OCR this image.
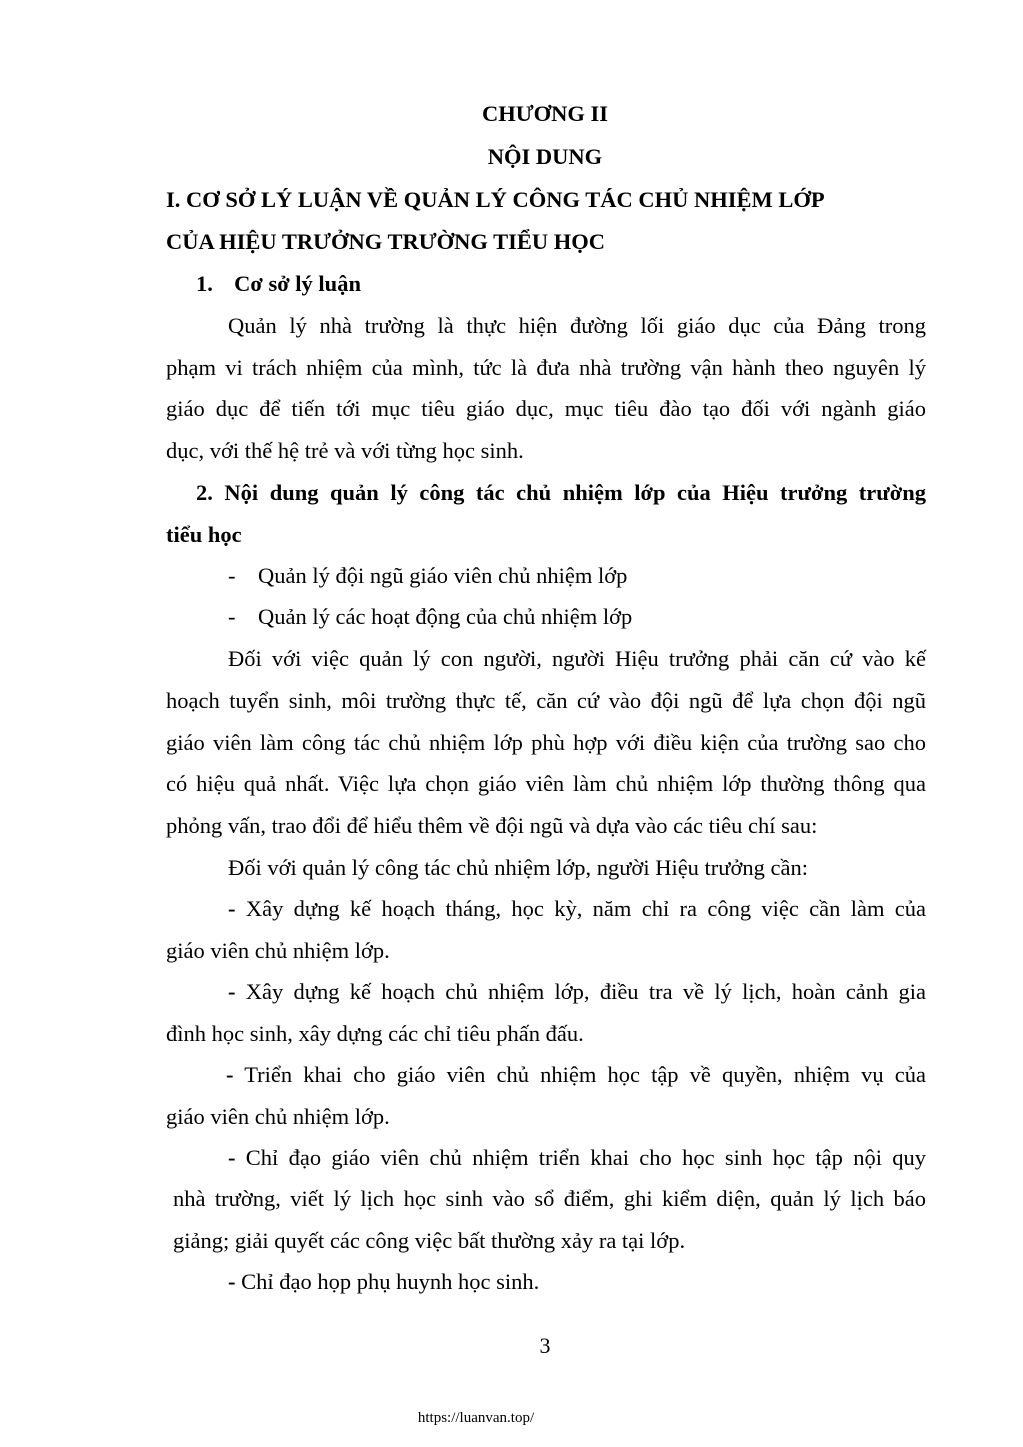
CHƯƠNG II
NỘI DUNG
I. CƠ SỞ LÝ LUẬN VỀ QUẢN LÝ CÔNG TÁC CHỦ NHIỆM LỚP
CỦA HIỆU TRƯỞNG TRƯỜNG TIỂU HỌC
1. Cơ sở lý luận
Quản lý nhà trường là thực hiện đường lối giáo dục của Đảng trong
phạm vi trách nhiệm của mình, tức là đưa nhà trường vận hành theo nguyên lý
giáo dục để tiến tới mục tiêu giáo dục, mục tiêu đào tạo đối với ngành giáo
dục, với thế hệ trẻ và với từng học sinh.
2. Nội dung quản lý công tác chủ nhiệm lớp của Hiệu trưởng trường
tiểu học
- Quản lý đội ngũ giáo viên chủ nhiệm lớp
- Quản lý các hoạt động của chủ nhiệm lớp
Đối với việc quản lý con người, người Hiệu trưởng phải căn cứ vào kế
hoạch tuyển sinh, môi trường thực tế, căn cứ vào đội ngũ để lựa chọn đội ngũ
giáo viên làm công tác chủ nhiệm lớp phù hợp với điều kiện của trường sao cho
có hiệu quả nhất. Việc lựa chọn giáo viên làm chủ nhiệm lớp thường thông qua
phỏng vấn, trao đổi để hiểu thêm về đội ngũ và dựa vào các tiêu chí sau:
Đối với quản lý công tác chủ nhiệm lớp, người Hiệu trưởng cần:
- Xây dựng kế hoạch tháng, học kỳ, năm chỉ ra công việc cần làm của
giáo viên chủ nhiệm lớp.
- Xây dựng kế hoạch chủ nhiệm lớp, điều tra về lý lịch, hoàn cảnh gia
đình học sinh, xây dựng các chỉ tiêu phấn đấu.
- Triển khai cho giáo viên chủ nhiệm học tập về quyền, nhiệm vụ của
giáo viên chủ nhiệm lớp.
- Chỉ đạo giáo viên chủ nhiệm triển khai cho học sinh học tập nội quy
nhà trường, viết lý lịch học sinh vào sổ điểm, ghi kiểm diện, quản lý lịch báo
giảng; giải quyết các công việc bất thường xảy ra tại lớp.
- Chỉ đạo họp phụ huynh học sinh.
3
https://luanvan.top/
